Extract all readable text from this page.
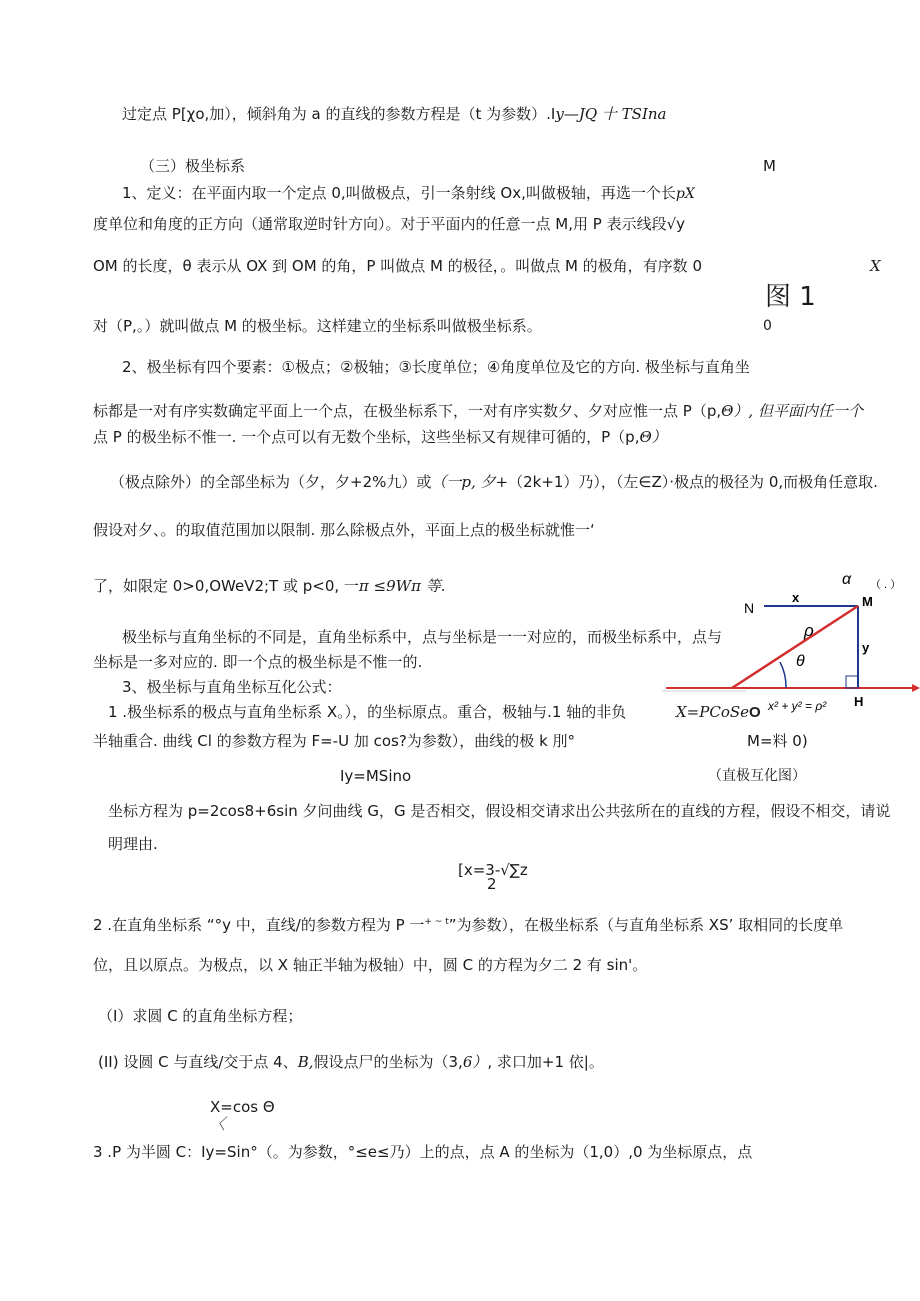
过定点 P[χo,加），倾斜角为 a 的直线的参数方程是（t 为参数）.Iy—JQ 十 TSIna
（三）极坐标系	M
1、定义：在平面内取一个定点 0,叫做极点，引一条射线 Ox,叫做极轴，再选一个长pX
度单位和角度的正方向（通常取逆时针方向）。对于平面内的任意一点 M,用 P 表示线段√y
OM 的长度，θ 表示从 OX 到 OM 的角，P 叫做点 M 的极径，。叫做点 M 的极角，有序数 0	X
图 1
对（P,。）就叫做点 M 的极坐标。这样建立的坐标系叫做极坐标系。	0
2、极坐标有四个要素：①极点；②极轴；③长度单位；④角度单位及它的方向. 极坐标与直角坐
标都是一对有序实数确定平面上一个点，在极坐标系下，一对有序实数夕、夕对应惟一点 P（p,Θ）, 但平面内任一个
点 P 的极坐标不惟一. 一个点可以有无数个坐标，这些坐标又有规律可循的，P（p,Θ）
（极点除外）的全部坐标为（夕，夕+2%九）或（一p, 夕+（2k+1）乃），（左∈Z）·极点的极径为 0,而极角任意取.
假设对夕、。的取值范围加以限制. 那么除极点外，平面上点的极坐标就惟一‘
了，如限定 0>0,OWeV2;T 或 p<0, 一π ≤9Wπ 等.
极坐标与直角坐标的不同是，直角坐标系中，点与坐标是一一对应的，而极坐标系中，点与
坐标是一多对应的. 即一个点的极坐标是不惟一的.
3、极坐标与直角坐标互化公式：
1 .极坐标系的极点与直角坐标系 X。），的坐标原点。重合，极轴与.1 轴的非负	X=PCoSeO
半轴重合. 曲线 Cl 的参数方程为 F=-U 加 cos?为参数），曲线的极 k 刖°	M=料 0)
Iy=MSino	（直极互化图）
坐标方程为 p=2cos8+6sin 夕问曲线 G，G 是否相交，假设相交请求出公共弦所在的直线的方程，假设不相交，请说
明理由.
[x=3-√∑z
2
2 .在直角坐标系 “°y 中，直线/的参数方程为 P 一$^{+ \sim t}$”为参数），在极坐标系（与直角坐标系 XS’ 取相同的长度单
位，且以原点。为极点，以 X 轴正半轴为极轴）中，圆 C 的方程为夕二 2 有 sin'。
（I）求圆 C 的直角坐标方程；
(II) 设圆 C 与直线/交于点 4、B,假设点尸的坐标为（3,6）, 求口加+1 依|。
X=cos Θ
〈
3 .P 为半圆 C：Iy=Sin°（。为参数，°≤e≤乃）上的点，点 A 的坐标为（1,0）,0 为坐标原点，点
α （ . ）
N
x	M
ρ
y
θ
H
x² + y² = ρ²
